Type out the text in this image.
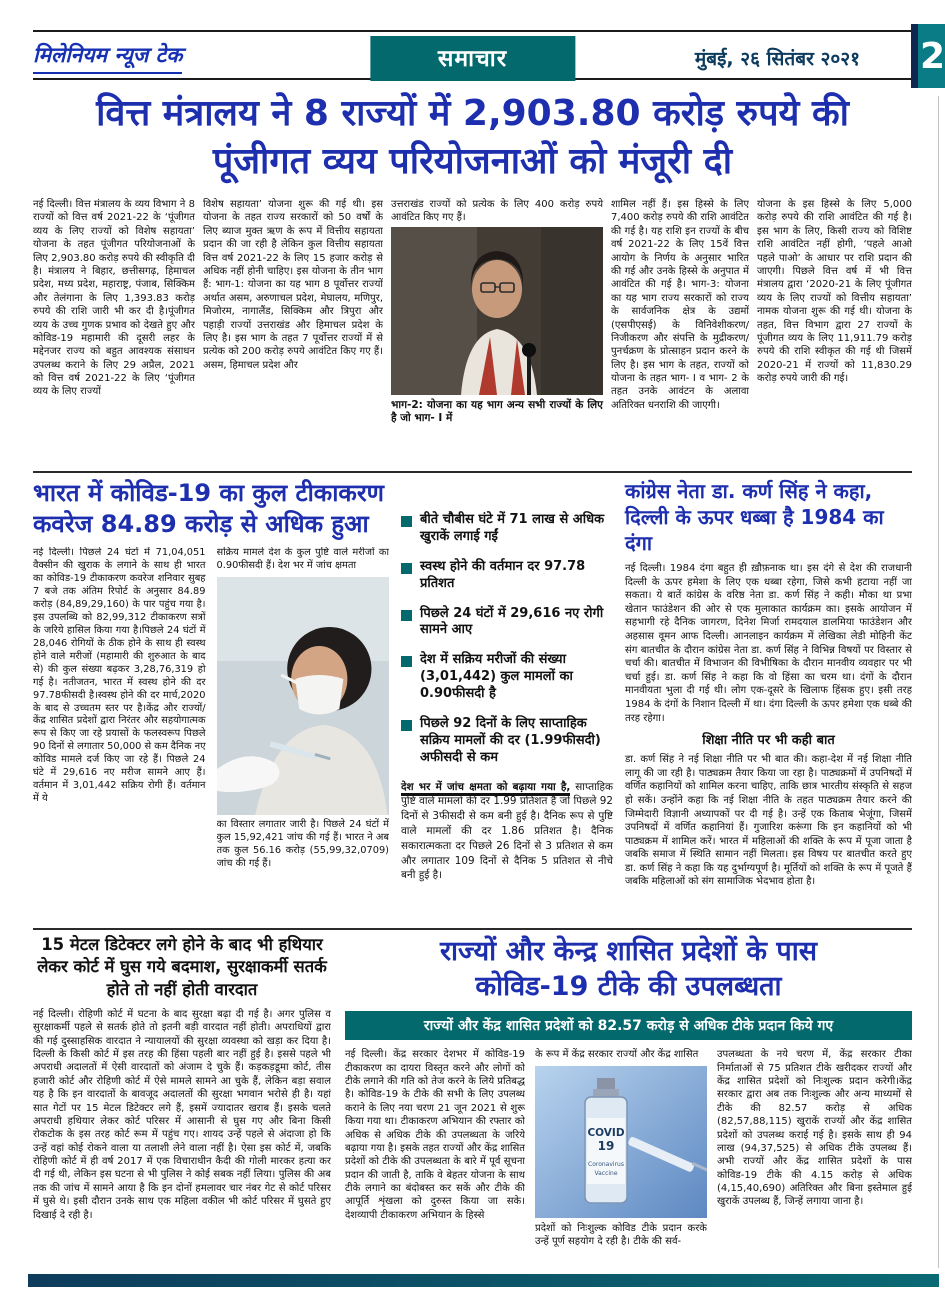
मिलेनियम न्यूज टेक	समाचार	मुंबई, २६ सितंबर २०२१ 2
वित्त मंत्रालय ने 8 राज्यों में 2,903.80 करोड़ रुपये की
पूंजीगत व्यय परियोजनाओं को मंजूरी दी

नई दिल्ली। वित्त मंत्रालय के व्यय विभाग ने 8 राज्यों को वित्त वर्ष 2021-22 के ‘पूंजीगत व्यय के लिए राज्यों को विशेष सहायता’ योजना के तहत पूंजीगत परियोजनाओं के लिए 2,903.80 करोड़ रुपये की स्वीकृति दी है। मंत्रालय ने बिहार, छत्तीसगढ़, हिमाचल प्रदेश, मध्य प्रदेश, महाराष्ट्र, पंजाब, सिक्किम और तेलंगाना के लिए 1,393.83 करोड़ रुपये की राशि जारी भी कर दी है।पूंजीगत व्यय के उच्च गुणक प्रभाव को देखते हुए और कोविड-19 महामारी की दूसरी लहर के मद्देनजर राज्य को बहुत आवश्यक संसाधन उपलब्ध कराने के लिए 29 अप्रैल, 2021 को वित्त वर्ष 2021-22 के लिए ‘पूंजीगत व्यय के लिए राज्यों

विशेष सहायता’ योजना शुरू की गई थी। इस योजना के तहत राज्य सरकारों को 50 वर्षों के लिए ब्याज मुक्त ऋण के रूप में वित्तीय सहायता प्रदान की जा रही है लेकिन कुल वित्तीय सहायता वित्त वर्ष 2021-22 के लिए 15 हजार करोड़ से अधिक नहीं होनी चाहिए। इस योजना के तीन भाग हैं: भाग-1: योजना का यह भाग 8 पूर्वोत्तर राज्यों अर्थात असम, अरुणाचल प्रदेश, मेघालय, मणिपुर, मिजोरम, नागालैंड, सिक्किम और त्रिपुरा और पहाड़ी राज्यों उत्तराखंड और हिमाचल प्रदेश के लिए है। इस भाग के तहत 7 पूर्वोत्तर राज्यों में से प्रत्येक को 200 करोड़ रुपये आवंटित किए गए हैं। असम, हिमाचल प्रदेश और

उत्तराखंड राज्यों को प्रत्येक के लिए 400 करोड़ रुपये आवंटित किए गए हैं।

भाग-2: योजना का यह भाग अन्य सभी राज्यों के लिए है जो भाग- I में

शामिल नहीं हैं। इस हिस्से के लिए 7,400 करोड़ रुपये की राशि आवंटित की गई है। यह राशि इन राज्यों के बीच वर्ष 2021-22 के लिए 15वें वित्त आयोग के निर्णय के अनुसार भारित की गई और उनके हिस्से के अनुपात में आवंटित की गई है। भाग-3: योजना का यह भाग राज्य सरकारों को राज्य के सार्वजनिक क्षेत्र के उद्यमों (एसपीएसई) के विनिवेशीकरण/निजीकरण और संपत्ति के मुद्रीकरण/पुनर्चक्रण के प्रोत्साहन प्रदान करने के लिए है। इस भाग के तहत, राज्यों को योजना के तहत भाग- I व भाग- 2 के तहत उनके आवंटन के अलावा अतिरिक्त धनराशि की जाएगी।

योजना के इस हिस्से के लिए 5,000 करोड़ रुपये की राशि आवंटित की गई है। इस भाग के लिए, किसी राज्य को विशिष्ट राशि आवंटित नहीं होगी, ‘पहले आओ पहले पाओ’ के आधार पर राशि प्रदान की जाएगी। पिछले वित्त वर्ष में भी वित्त मंत्रालय द्वारा ‘2020-21 के लिए पूंजीगत व्यय के लिए राज्यों को वित्तीय सहायता’ नामक योजना शुरू की गई थी। योजना के तहत, वित्त विभाग द्वारा 27 राज्यों के पूंजीगत व्यय के लिए 11,911.79 करोड़ रुपये की राशि स्वीकृत की गई थी जिसमें 2020-21 में राज्यों को 11,830.29 करोड़ रुपये जारी की गई।

भारत में कोविड-19 का कुल टीकाकरण कवरेज 84.89 करोड़ से अधिक हुआ

नई दिल्ली। पिछले 24 घंटों में 71,04,051 वैक्सीन की खुराक के लगाने के साथ ही भारत का कोविड-19 टीकाकरण कवरेज शनिवार सुबह 7 बजे तक अंतिम रिपोर्ट के अनुसार 84.89 करोड़ (84,89,29,160) के पार पहुंच गया है। इस उपलब्धि को 82,99,312 टीकाकरण सत्रों के जरिये हासिल किया गया है।पिछले 24 घंटों में 28,046 रोगियों के ठीक होने के साथ ही स्वस्थ होने वाले मरीजों (महामारी की शुरुआत के बाद से) की कुल संख्या बढ़कर 3,28,76,319 हो गई है। नतीजतन, भारत में स्वस्थ होने की दर 97.78फीसदी है।स्वस्थ होने की दर मार्च,2020 के बाद से उच्चतम स्तर पर है।केंद्र और राज्यों/केंद्र शासित प्रदेशों द्वारा निरंतर और सहयोगात्मक रूप से किए जा रहे प्रयासों के फलस्वरूप पिछले 90 दिनों से लगातार 50,000 से कम दैनिक नए कोविड मामले दर्ज किए जा रहे हैं। पिछले 24 घंटे में 29,616 नए मरीज सामने आए हैं। वर्तमान में 3,01,442 सक्रिय रोगी हैं। वर्तमान में ये

सक्रिय मामले देश के कुल पुष्टि वाले मरीजों का 0.90फीसदी हैं। देश भर में जांच क्षमता

का विस्तार लगातार जारी है। पिछले 24 घंटों में कुल 15,92,421 जांच की गई हैं। भारत ने अब तक कुल 56.16 करोड़ (55,99,32,0709) जांच की गई हैं।

बीते चौबीस घंटे में 71 लाख से अधिक खुराकें लगाई गईं
स्वस्थ होने की वर्तमान दर 97.78 प्रतिशत
पिछले 24 घंटों में 29,616 नए रोगी सामने आए
देश में सक्रिय मरीजों की संख्या (3,01,442) कुल मामलों का 0.90फीसदी है
पिछले 92 दिनों के लिए साप्ताहिक सक्रिय मामलों की दर (1.99फीसदी) अफीसदी से कम

देश भर में जांच क्षमता को बढ़ाया गया है, साप्ताहिक पुष्टि वाले मामलों की दर 1.99 प्रतिशत है जो पिछले 92 दिनों से 3फीसदी से कम बनी हुई है। दैनिक रूप से पुष्टि वाले मामलों की दर 1.86 प्रतिशत है। दैनिक सकारात्मकता दर पिछले 26 दिनों से 3 प्रतिशत से कम और लगातार 109 दिनों से दैनिक 5 प्रतिशत से नीचे बनी हुई है।

कांग्रेस नेता डा. कर्ण सिंह ने कहा, दिल्ली के ऊपर धब्बा है 1984 का दंगा

नई दिल्ली। 1984 दंगा बहुत ही ख़ौफ़नाक था। इस दंगे से देश की राजधानी दिल्ली के ऊपर हमेशा के लिए एक धब्बा रहेगा, जिसे कभी हटाया नहीं जा सकता। ये बातें कांग्रेस के वरिष्ठ नेता डा. कर्ण सिंह ने कही। मौका था प्रभा खेतान फाउंडेशन की ओर से एक मुलाकात कार्यक्रम का। इसके आयोजन में सहभागी रहे दैनिक जागरण, दिनेश मिर्जा रामदयाल डालमिया फाउंडेशन और अहसास वूमन आफ दिल्ली। आनलाइन कार्यक्रम में लेखिका लेडी मोहिनी केंट संग बातचीत के दौरान कांग्रेस नेता डा. कर्ण सिंह ने विभिन्न विषयों पर विस्तार से चर्चा की। बातचीत में विभाजन की विभीषिका के दौरान मानवीय व्यवहार पर भी चर्चा हुई। डा. कर्ण सिंह ने कहा कि वो हिंसा का चरम था। दंगों के दौरान मानवीयता भुला दी गई थी। लोग एक-दूसरे के खिलाफ हिंसक हुए। इसी तरह 1984 के दंगों के निशान दिल्ली में था। दंगा दिल्ली के ऊपर हमेशा एक धब्बे की तरह रहेगा।

शिक्षा नीति पर भी कही बात

डा. कर्ण सिंह ने नई शिक्षा नीति पर भी बात की। कहा-देश में नई शिक्षा नीति लागू की जा रही है। पाठ्यक्रम तैयार किया जा रहा है। पाठ्यक्रमों में उपनिषदों में वर्णित कहानियों को शामिल करना चाहिए, ताकि छात्र भारतीय संस्कृति से सहज हो सकें। उन्होंने कहा कि नई शिक्षा नीति के तहत पाठ्यक्रम तैयार करने की जिम्मेदारी विज्ञानी अध्यापकों पर दी गई है। उन्हें एक किताब भेजूंगा, जिसमें उपनिषदों में वर्णित कहानियां हैं। गुजारिश करूंगा कि इन कहानियों को भी पाठ्यक्रम में शामिल करें। भारत में महिलाओं की शक्ति के रूप में पूजा जाता है जबकि समाज में स्थिति सामान नहीं मिलता। इस विषय पर बातचीत करते हुए डा. कर्ण सिंह ने कहा कि यह दुर्भाग्यपूर्ण है। मूर्तियों को शक्ति के रूप में पूजते हैं जबकि महिलाओं को संग सामाजिक भेदभाव होता है।

15 मेटल डिटेक्टर लगे होने के बाद भी हथियार लेकर कोर्ट में घुस गये बदमाश, सुरक्षाकर्मी सतर्क होते तो नहीं होती वारदात

नई दिल्ली। रोहिणी कोर्ट में घटना के बाद सुरक्षा बढ़ा दी गई है। अगर पुलिस व सुरक्षाकर्मी पहले से सतर्क होते तो इतनी बड़ी वारदात नहीं होती। अपराधियों द्वारा की गई दुस्साहसिक वारदात ने न्यायालयों की सुरक्षा व्यवस्था को खड़ा कर दिया है। दिल्ली के किसी कोर्ट में इस तरह की हिंसा पहली बार नहीं हुई है। इससे पहले भी अपराधी अदालतों में ऐसी वारदातों को अंजाम दे चुके हैं। कड़कड़डूमा कोर्ट, तीस हजारी कोर्ट और रोहिणी कोर्ट में ऐसे मामले सामने आ चुके हैं, लेकिन बड़ा सवाल यह है कि इन वारदातों के बावजूद अदालतों की सुरक्षा भगवान भरोसे ही है। यहां सात गेटों पर 15 मेटल डिटेक्टर लगे हैं, इसमें ज्यादातर खराब हैं। इसके चलते अपराधी हथियार लेकर कोर्ट परिसर में आसानी से घुस गए और बिना किसी रोकटोक के इस तरह कोर्ट रूम में पहुंच गए। शायद उन्हें पहले से अंदाजा हो कि उन्हें वहां कोई रोकने वाला या तलाशी लेने वाला नहीं है। ऐसा इस कोर्ट में, जबकि रोहिणी कोर्ट में ही वर्ष 2017 में एक विचाराधीन कैदी की गोली मारकर हत्या कर दी गई थी, लेकिन इस घटना से भी पुलिस ने कोई सबक नहीं लिया। पुलिस की अब तक की जांच में सामने आया है कि इन दोनों हमलावर चार नंबर गेट से कोर्ट परिसर में घुसे थे। इसी दौरान उनके साथ एक महिला वकील भी कोर्ट परिसर में घुसते हुए दिखाई दे रही है।

राज्यों और केन्द्र शासित प्रदेशों के पास
कोविड-19 टीके की उपलब्धता
राज्यों और केंद्र शासित प्रदेशों को 82.57 करोड़ से अधिक टीके प्रदान किये गए

नई दिल्ली। केंद्र सरकार देशभर में कोविड-19 टीकाकरण का दायरा विस्तृत करने और लोगों को टीके लगाने की गति को तेज करने के लिये प्रतिबद्ध है। कोविड-19 के टीके की सभी के लिए उपलब्ध कराने के लिए नया चरण 21 जून 2021 से शुरू किया गया था। टीकाकरण अभियान की रफ्तार को अधिक से अधिक टीके की उपलब्धता के जरिये बढ़ाया गया है। इसके तहत राज्यों और केंद्र शासित प्रदेशों को टीके की उपलब्धता के बारे में पूर्व सूचना प्रदान की जाती है, ताकि वे बेहतर योजना के साथ टीके लगाने का बंदोबस्त कर सकें और टीके की आपूर्ति शृंखला को दुरुस्त किया जा सके। देशव्यापी टीकाकरण अभियान के हिस्से

के रूप में केंद्र सरकार राज्यों और केंद्र शासित

COVID
19
Coronavirus
Vaccine

प्रदेशों को निःशुल्क कोविड टीके प्रदान करके उन्हें पूर्ण सहयोग दे रही है। टीके की सर्व-

उपलब्धता के नये चरण में, केंद्र सरकार टीका निर्माताओं से 75 प्रतिशत टीके खरीदकर राज्यों और केंद्र शासित प्रदेशों को निःशुल्क प्रदान करेगी।केंद्र सरकार द्वारा अब तक निःशुल्क और अन्य माध्यमों से टीके की 82.57 करोड़ से अधिक (82,57,88,115) खुराकें राज्यों और केंद्र शासित प्रदेशों को उपलब्ध कराई गई है। इसके साथ ही 94 लाख (94,37,525) से अधिक टीके उपलब्ध हैं। अभी राज्यों और केंद्र शासित प्रदेशों के पास कोविड-19 टीके की 4.15 करोड़ से अधिक (4,15,40,690) अतिरिक्त और बिना इस्तेमाल हुई खुराकें उपलब्ध हैं, जिन्हें लगाया जाना है।
